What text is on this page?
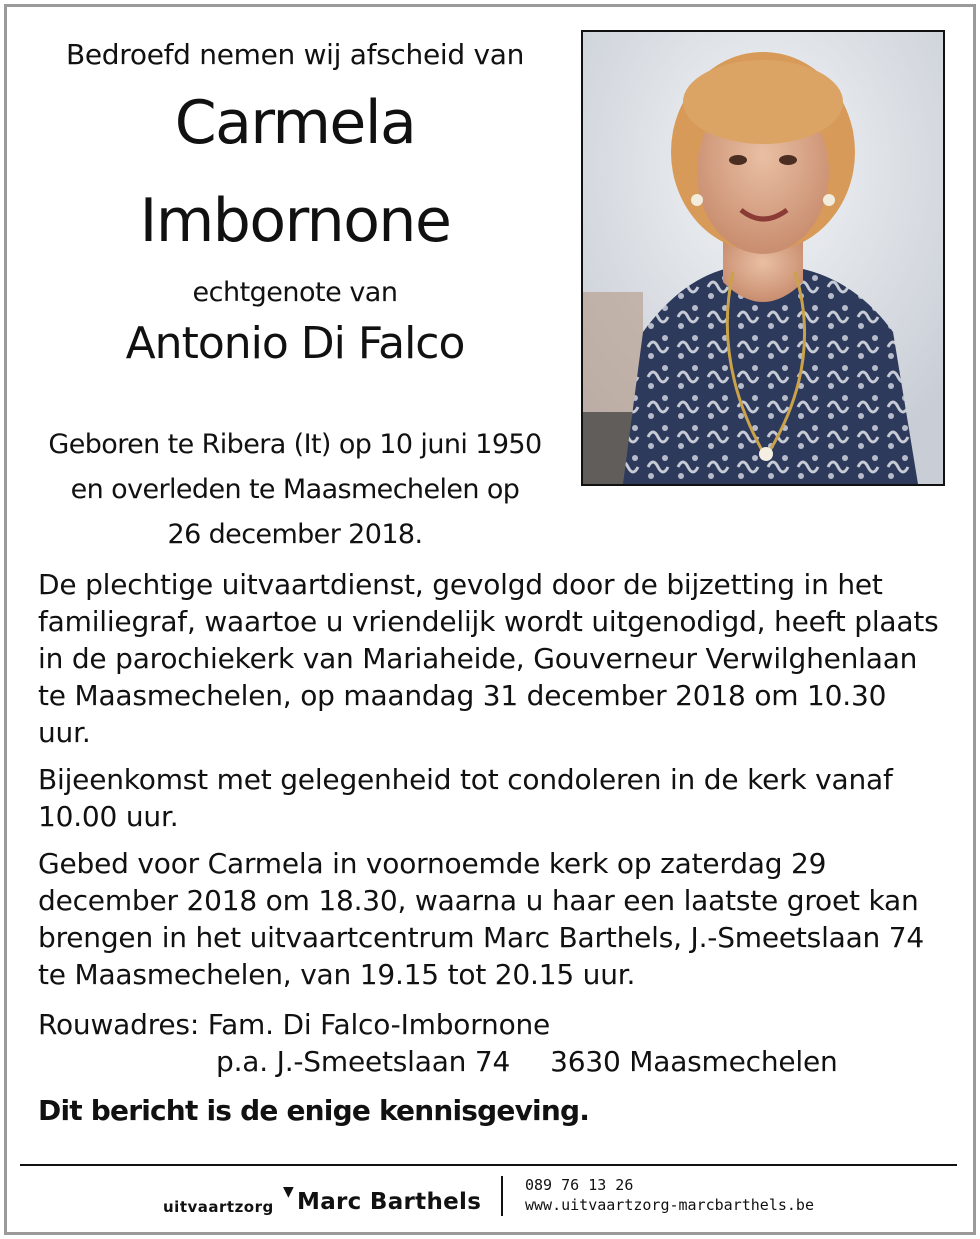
Bedroefd nemen wij afscheid van
Carmela
Imbornone
echtgenote van
Antonio Di Falco
Geboren te Ribera (It) op 10 juni 1950
en overleden te Maasmechelen op
26 december 2018.

De plechtige uitvaartdienst, gevolgd door de bijzetting in het familiegraf, waartoe u vriendelijk wordt uitgenodigd, heeft plaats in de parochiekerk van Mariaheide, Gouverneur Verwilghenlaan te Maasmechelen, op maandag 31 december 2018 om 10.30 uur.

Bijeenkomst met gelegenheid tot condoleren in de kerk vanaf 10.00 uur.

Gebed voor Carmela in voornoemde kerk op zaterdag 29 december 2018 om 18.30, waarna u haar een laatste groet kan brengen in het uitvaartcentrum Marc Barthels, J.-Smeetslaan 74 te Maasmechelen, van 19.15 tot 20.15 uur.

Rouwadres: Fam. Di Falco-Imbornone
p.a. J.-Smeetslaan 74 3630 Maasmechelen
Dit bericht is de enige kennisgeving.
uitvaartzorg
▼ Marc Barthels
089 76 13 26
www.uitvaartzorg-marcbarthels.be
